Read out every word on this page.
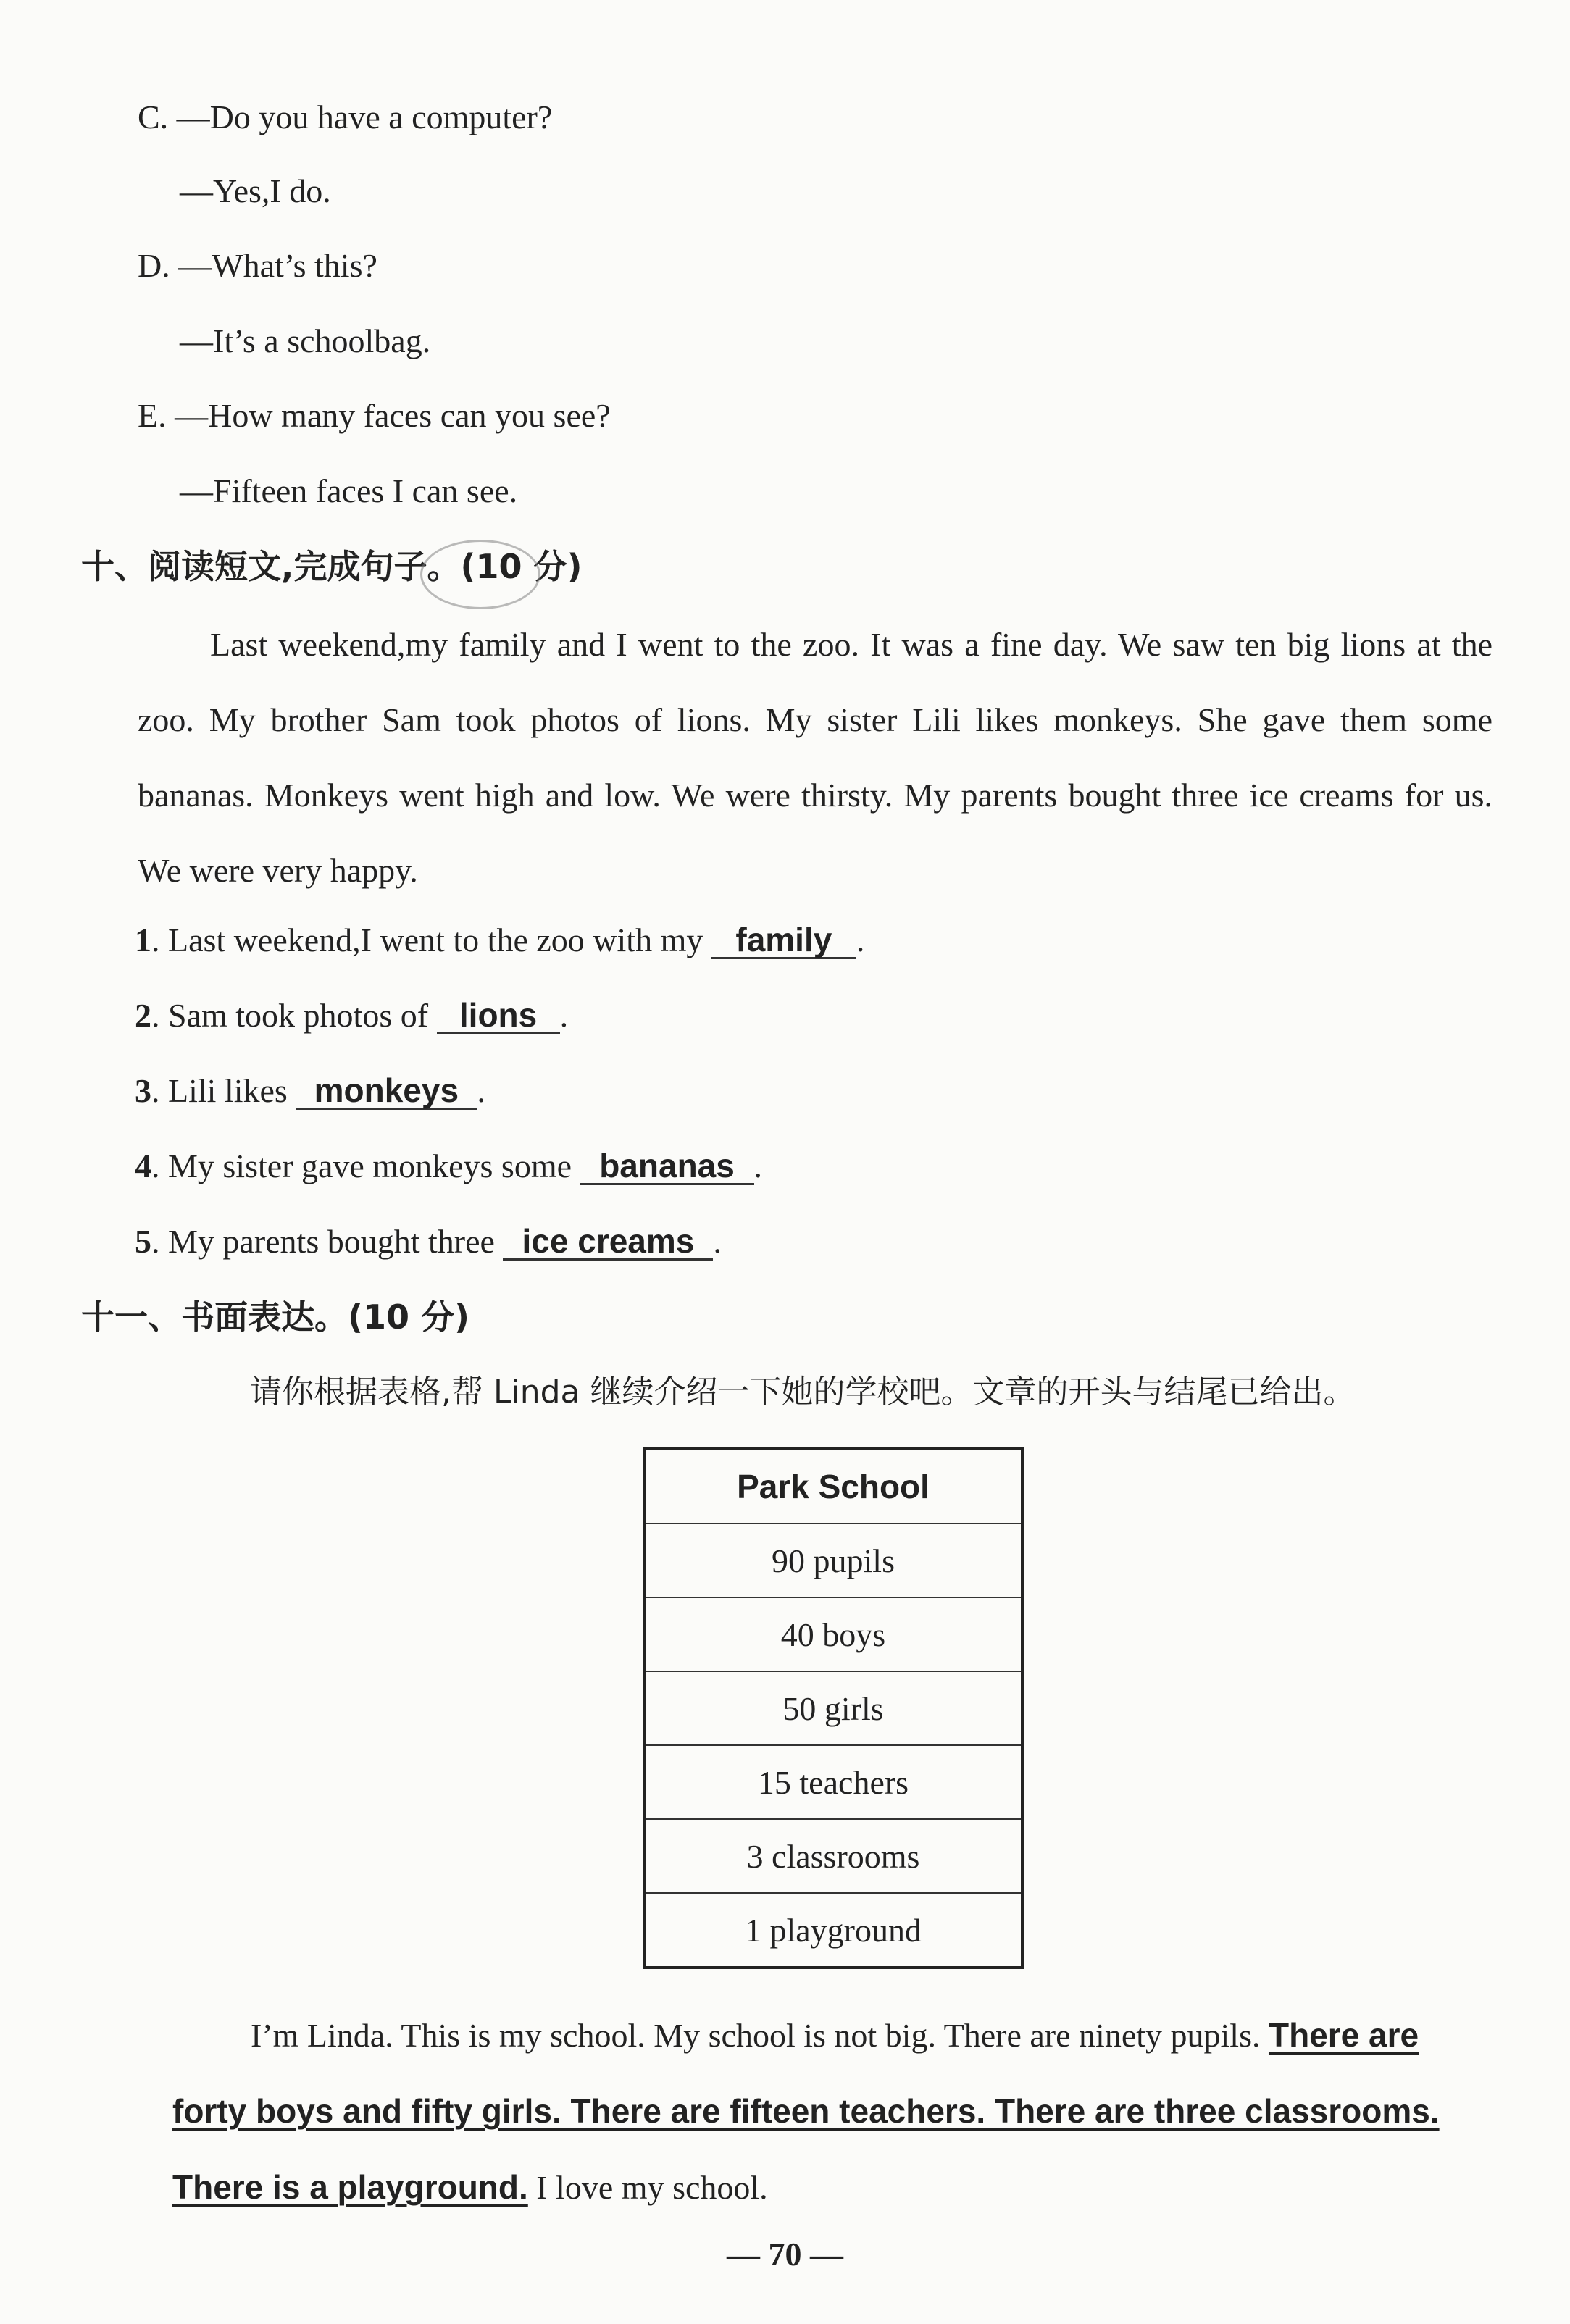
C. —Do you have a computer?
—Yes,I do.
D. —What’s this?
—It’s a schoolbag.
E. —How many faces can you see?
—Fifteen faces I can see.
十、阅读短文,完成句子。(10 分)
Last weekend,my family and I went to the zoo. It was a fine day. We saw ten big lions at the zoo. My brother Sam took photos of lions. My sister Lili likes monkeys. She gave them some bananas. Monkeys went high and low. We were thirsty. My parents bought three ice creams for us. We were very happy.
1. Last weekend,I went to the zoo with my family .
2. Sam took photos of lions .
3. Lili likes monkeys .
4. My sister gave monkeys some bananas .
5. My parents bought three ice creams .
十一、书面表达。(10 分)
请你根据表格,帮 Linda 继续介绍一下她的学校吧。文章的开头与结尾已给出。
Park School
90 pupils
40 boys
50 girls
15 teachers
3 classrooms
1 playground
I’m Linda. This is my school. My school is not big. There are ninety pupils. There are forty boys and fifty girls. There are fifteen teachers. There are three classrooms. There is a playground. I love my school.
— 70 —
